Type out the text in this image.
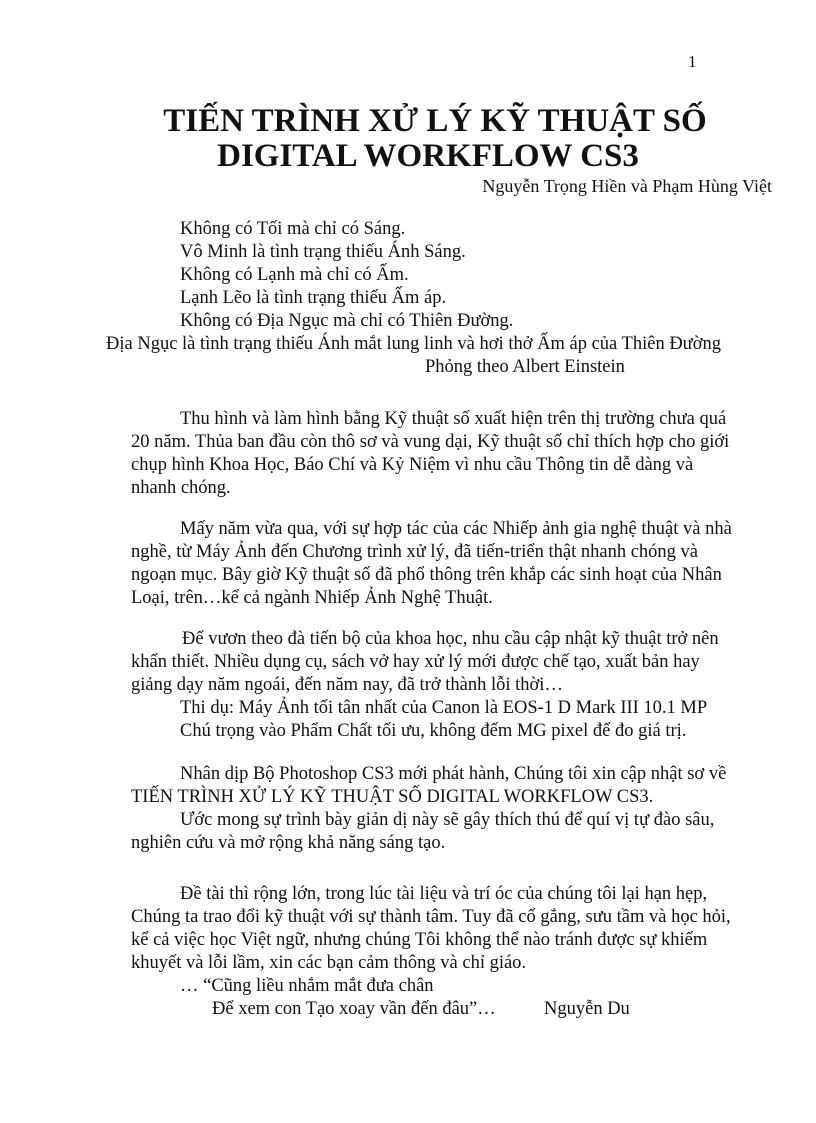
1
TIẾN TRÌNH XỬ LÝ KỸ THUẬT SỐ
DIGITAL WORKFLOW CS3
Nguyễn Trọng Hiền và Phạm Hùng Việt
Không có Tối mà chỉ có Sáng.
Vô Minh là tình trạng thiếu Ánh Sáng.
Không có Lạnh mà chỉ có Ấm.
Lạnh Lẽo là tình trạng thiếu Ấm áp.
Không có Địa Ngục mà chỉ có Thiên Đường.
Địa Ngục là tình trạng thiếu Ánh mắt lung linh và hơi thở Ấm áp của Thiên Đường
Phỏng theo Albert Einstein
Thu hình và làm hình bằng Kỹ thuật số xuất hiện trên thị trường chưa quá
20 năm. Thủa ban đầu còn thô sơ và vung dại, Kỹ thuật số chỉ thích hợp cho giới
chụp hình Khoa Học, Báo Chí và Kỷ Niệm vì nhu cầu Thông tin dễ dàng và
nhanh chóng.
Mấy năm vừa qua, với sự hợp tác của các Nhiếp ảnh gia nghệ thuật và nhà
nghề, từ Máy Ảnh đến Chương trình xử lý, đã tiến-triển thật nhanh chóng và
ngoạn mục. Bây giờ Kỹ thuật số đã phổ thông trên khắp các sinh hoạt của Nhân
Loại, trên…kể cả ngành Nhiếp Ảnh Nghệ Thuật.
Để vươn theo đà tiến bộ của khoa học, nhu cầu cập nhật kỹ thuật trở nên
khẩn thiết. Nhiều dụng cụ, sách vở hay xử lý mới được chế tạo, xuất bản hay
giảng dạy năm ngoái, đến năm nay, đã trở thành lỗi thời…
Thi dụ: Máy Ảnh tối tân nhất của Canon là EOS-1 D Mark III 10.1 MP
Chú trọng vào Phẩm Chất tối ưu, không đếm MG pixel để đo giá trị.
Nhân dịp Bộ Photoshop CS3 mới phát hành, Chúng tôi xin cập nhật sơ về
TIẾN TRÌNH XỬ LÝ KỸ THUẬT SỐ DIGITAL WORKFLOW CS3.
Ước mong sự trình bày giản dị này sẽ gây thích thú để quí vị tự đào sâu,
nghiên cứu và mở rộng khả năng sáng tạo.
Đề tài thì rộng lớn, trong lúc tài liệu và trí óc của chúng tôi lại hạn hẹp,
Chúng ta trao đổi kỹ thuật với sự thành tâm. Tuy đã cố gắng, sưu tầm và học hỏi,
kể cả việc học Việt ngữ, nhưng chúng Tôi không thể nào tránh được sự khiếm
khuyết và lỗi lầm, xin các bạn cảm thông và chỉ giáo.
… “Cũng liều nhắm mắt đưa chân
Để xem con Tạo xoay vần đến đâu”…	Nguyễn Du
